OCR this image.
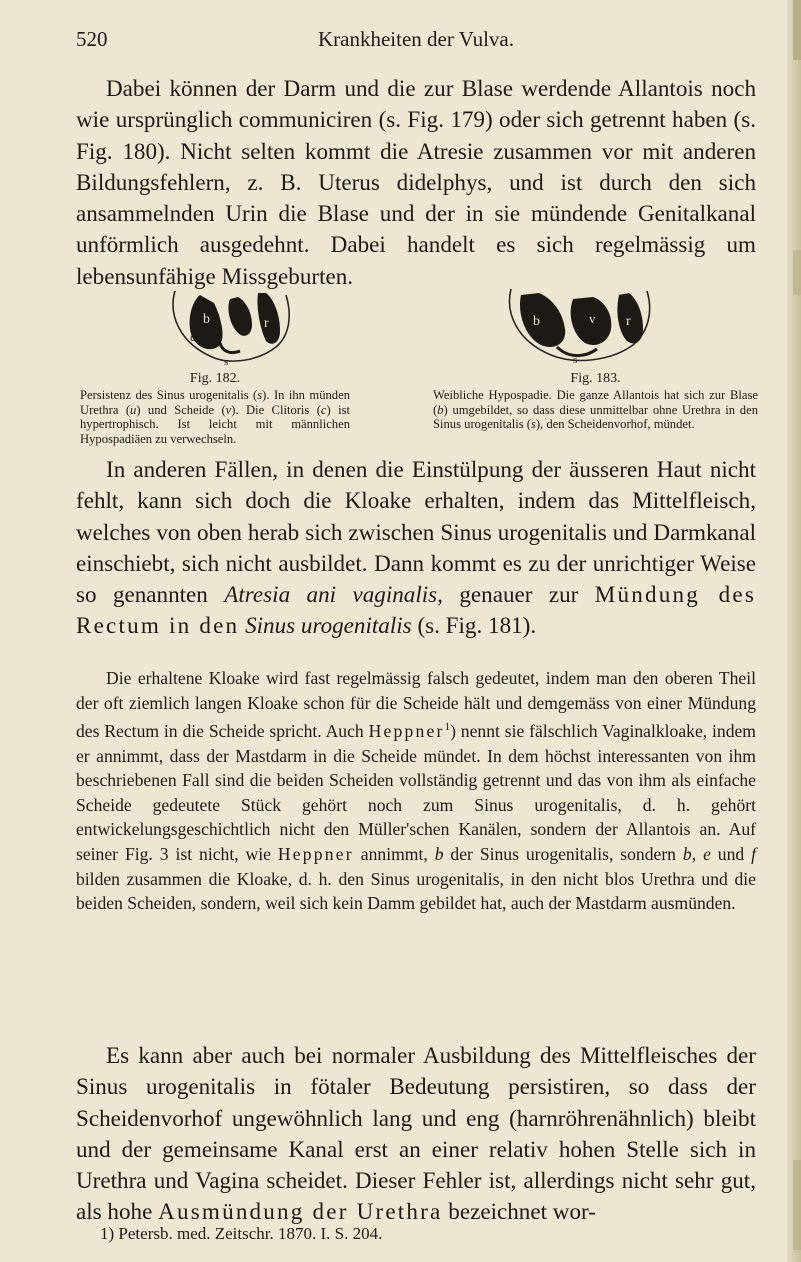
520	Krankheiten der Vulva.

Dabei können der Darm und die zur Blase werdende Allantois noch wie ursprünglich communiciren (s. Fig. 179) oder sich getrennt haben (s. Fig. 180). Nicht selten kommt die Atresie zusammen vor mit anderen Bildungsfehlern, z. B. Uterus didelphys, und ist durch den sich ansammelnden Urin die Blase und der in sie mündende Genitalkanal unförmlich ausgedehnt. Dabei handelt es sich regelmässig um lebensunfähige Missgeburten.

b	r
c
s
Fig. 182.
Persistenz des Sinus urogenitalis (s). In ihn münden Urethra (u) und Scheide (v). Die Clitoris (c) ist hypertrophisch. Ist leicht mit männlichen Hypospadiäen zu verwechseln.
b	v r
s
Fig. 183.
Weibliche Hypospadie. Die ganze Allantois hat sich zur Blase (b) umgebildet, so dass diese unmittelbar ohne Urethra in den Sinus urogenitalis (s), den Scheidenvorhof, mündet.

In anderen Fällen, in denen die Einstülpung der äusseren Haut nicht fehlt, kann sich doch die Kloake erhalten, indem das Mittelfleisch, welches von oben herab sich zwischen Sinus urogenitalis und Darmkanal einschiebt, sich nicht ausbildet. Dann kommt es zu der unrichtiger Weise so genannten Atresia ani vaginalis, genauer zur Mündung des Rectum in den Sinus urogenitalis (s. Fig. 181).

Die erhaltene Kloake wird fast regelmässig falsch gedeutet, indem man den oberen Theil der oft ziemlich langen Kloake schon für die Scheide hält und demgemäss von einer Mündung des Rectum in die Scheide spricht. Auch Heppner$^1$) nennt sie fälschlich Vaginalkloake, indem er annimmt, dass der Mastdarm in die Scheide mündet. In dem höchst interessanten von ihm beschriebenen Fall sind die beiden Scheiden vollständig getrennt und das von ihm als einfache Scheide gedeutete Stück gehört noch zum Sinus urogenitalis, d. h. gehört entwickelungsgeschichtlich nicht den Müller'schen Kanälen, sondern der Allantois an. Auf seiner Fig. 3 ist nicht, wie Heppner annimmt, b der Sinus urogenitalis, sondern b, e und f bilden zusammen die Kloake, d. h. den Sinus urogenitalis, in den nicht blos Urethra und die beiden Scheiden, sondern, weil sich kein Damm gebildet hat, auch der Mastdarm ausmünden.

Es kann aber auch bei normaler Ausbildung des Mittelfleisches der Sinus urogenitalis in fötaler Bedeutung persistiren, so dass der Scheidenvorhof ungewöhnlich lang und eng (harnröhrenähnlich) bleibt und der gemeinsame Kanal erst an einer relativ hohen Stelle sich in Urethra und Vagina scheidet. Dieser Fehler ist, allerdings nicht sehr gut, als hohe Ausmündung der Urethra bezeichnet wor-

1) Petersb. med. Zeitschr. 1870. I. S. 204.
